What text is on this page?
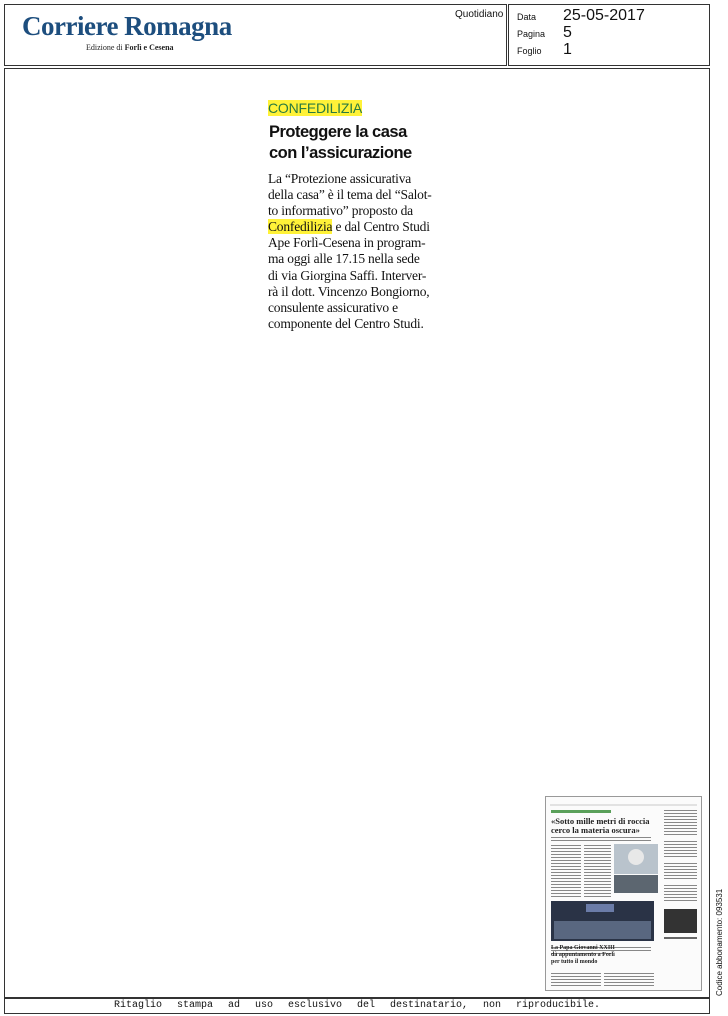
Data 25-05-2017
Pagina 5
Foglio 1
Corriere Romagna
Edizione di Forlì e Cesena
Quotidiano
CONFEDILIZIA
Proteggere la casa
con l’assicurazione
La “Protezione assicurativa
della casa” è il tema del “Salot-
to informativo” proposto da
Confedilizia e dal Centro Studi
Ape Forlì-Cesena in program-
ma oggi alle 17.15 nella sede
di via Giorgina Saffi. Interver-
rà il dott. Vincenzo Bongiorno,
consulente assicurativo e
componente del Centro Studi.
«Sotto mille metri di roccia
cerco la materia oscura»
La Papa Giovanni XXIII
dà appuntamento a Forlì
per tutto il mondo	Codice abbonamento: 093531
Ritaglio stampa ad uso esclusivo del destinatario, non riproducibile.
